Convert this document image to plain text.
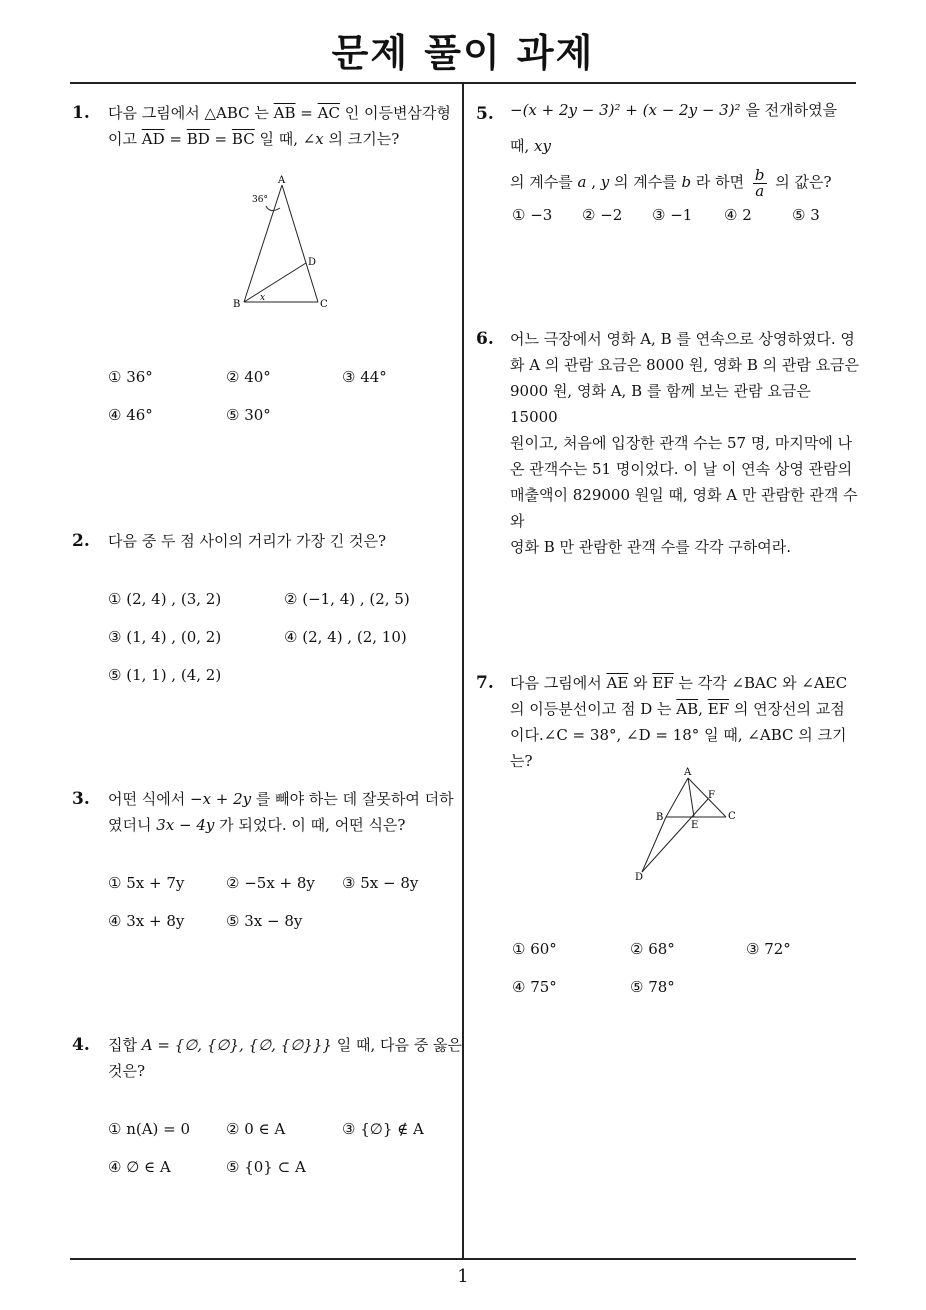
문제 풀이 과제
1. 다음 그림에서 △ABC 는 $\overline{AB} = \overline{AC}$ 인 이등변삼각형
이고 $\overline{AD} = \overline{BD} = \overline{BC}$ 일 때, ∠x 의 크기는?
A
B	C
D
36°
x
① 36°	② 40°	③ 44°
④ 46°	⑤ 30°
2. 다음 중 두 점 사이의 거리가 가장 긴 것은?
① (2, 4) , (3, 2)	② (−1, 4) , (2, 5)
③ (1, 4) , (0, 2)	④ (2, 4) , (2, 10)
⑤ (1, 1) , (4, 2)
3. 어떤 식에서 −x + 2y 를 빼야 하는 데 잘못하여 더하
였더니 3x − 4y 가 되었다. 이 때, 어떤 식은?
① 5x + 7y	② −5x + 8y ③ 5x − 8y
④ 3x + 8y	⑤ 3x − 8y
4. 집합 A = {∅, {∅}, {∅, {∅}}} 일 때, 다음 중 옳은
것은?
① n(A) = 0 ② 0 ∈ A	③ {∅} ∉ A
④ ∅ ∈ A	⑤ {0} ⊂ A
5. −(x + 2y − 3)² + (x − 2y − 3)² 을 전개하였을 때, xy
의 계수를 a , y 의 계수를 b 라 하면 $\frac{b}{a}$ 의 값은?
① −3 ② −2 ③ −1 ④ 2	⑤ 3
6. 어느 극장에서 영화 A, B 를 연속으로 상영하였다. 영
화 A 의 관람 요금은 8000 원, 영화 B 의 관람 요금은
9000 원, 영화 A, B 를 함께 보는 관람 요금은 15000
원이고, 처음에 입장한 관객 수는 57 명, 마지막에 나
온 관객수는 51 명이었다. 이 날 이 연속 상영 관람의
매출액이 829000 원일 때, 영화 A 만 관람한 관객 수와
영화 B 만 관람한 관객 수를 각각 구하여라.
7. 다음 그림에서 $\overline{AE}$ 와 $\overline{EF}$ 는 각각 ∠BAC 와 ∠AEC
의 이등분선이고 점 D 는 $\overline{AB}$, $\overline{EF}$ 의 연장선의 교점
이다.∠C = 38°, ∠D = 18° 일 때, ∠ABC 의 크기는?
A
B	C
D
E
F
① 60°	② 68°	③ 72°
④ 75°	⑤ 78°
1
